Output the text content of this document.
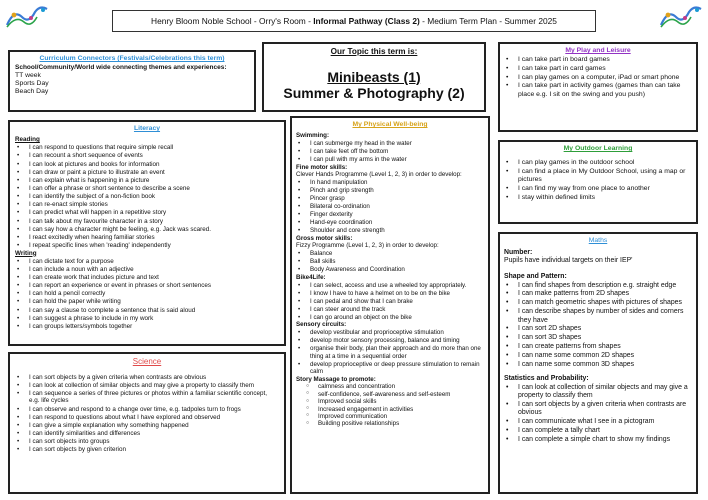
Henry Bloom Noble School - Orry's Room - Informal Pathway (Class 2) - Medium Term Plan - Summer 2025
Curriculum Connectors (Festivals/Celebrations this term)
School/Community/World wide connecting themes and experiences:
TT week
Sports Day
Beach Day
Our Topic this term is:
Minibeasts (1)
Summer & Photography (2)
My Play and Leisure
• I can take part in board games
• I can take part in card games
• I can play games on a computer, iPad or smart phone
• I can take part in activity games (games than can take place e.g. I sit on the swing and you push)
Literacy
Reading
• I can respond to questions that require simple recall
• I can recount a short sequence of events
• I can look at pictures and books for information
• I can draw or paint a picture to illustrate an event
• I can explain what is happening in a picture
• I can offer a phrase or short sentence to describe a scene
• I can identify the subject of a non-fiction book
• I can re-enact simple stories
• I can predict what will happen in a repetitive story
• I can talk about my favourite character in a story
• I can say how a character might be feeling, e.g. Jack was scared.
• I react excitedly when hearing familiar stories
• I repeat specific lines when 'reading' independently
Writing
• I can dictate text for a purpose
• I can include a noun with an adjective
• I can create work that includes picture and text
• I can report an experience or event in phrases or short sentences
• I can hold a pencil correctly
• I can hold the paper while writing
• I can say a clause to complete a sentence that is said aloud
• I can suggest a phrase to include in my work
• I can groups letters/symbols together
My Physical Well-being
Swimming:
• I can submerge my head in the water
• I can take feet off the bottom
• I can pull with my arms in the water
Fine motor skills:
Clever Hands Programme (Level 1, 2, 3) in order to develop:
• In hand manipulation
• Pinch and grip strength
• Pincer grasp
• Bilateral co-ordination
• Finger dexterity
• Hand-eye coordination
• Shoulder and core strength
Gross motor skills:
Fizzy Programme (Level 1, 2, 3) in order to develop:
• Balance
• Ball skills
• Body Awareness and Coordination
Bike4Life:
• I can select, access and use a wheeled toy appropriately.
• I know I have to have a helmet on to be on the bike
• I can pedal and show that I can brake
• I can steer around the track
• I can go around an object on the bike
Sensory circuits:
• develop vestibular and proprioceptive stimulation
• develop motor sensory processing, balance and timing
• organise their body, plan their approach and do more than one thing at a time in a sequential order
• develop proprioceptive or deep pressure stimulation to remain calm
Story Massage to promote:
○ calmness and concentration
○ self-confidence, self-awareness and self-esteem
○ Improved social skills
○ Increased engagement in activities
○ Improved communication
○ Building positive relationships
My Outdoor Learning
• I can play games in the outdoor school
• I can find a place in My Outdoor School, using a map or pictures
• I can find my way from one place to another
• I stay within defined limits
Science
• I can sort objects by a given criteria when contrasts are obvious
• I can look at collection of similar objects and may give a property to classify them
• I can sequence a series of three pictures or photos within a familiar scientific concept, e.g. life cycles
• I can observe and respond to a change over time, e.g. tadpoles turn to frogs
• I can respond to questions about what I have explored and observed
• I can give a simple explanation why something happened
• I can identify similarities and differences
• I can sort objects into groups
• I can sort objects by given criterion
Maths
Number:
Pupils have individual targets on their IEP'
Shape and Pattern:
• I can find shapes from description e.g. straight edge
• I can make patterns from 2D shapes
• I can match geometric shapes with pictures of shapes
• I can describe shapes by number of sides and corners they have
• I can sort 2D shapes
• I can sort 3D shapes
• I can create patterns from shapes
• I can name some common 2D shapes
• I can name some common 3D shapes
Statistics and Probability:
• I can look at collection of similar objects and may give a property to classify them
• I can sort objects by a given criteria when contrasts are obvious
• I can communicate what I see in a pictogram
• I can complete a tally chart
• I can complete a simple chart to show my findings
